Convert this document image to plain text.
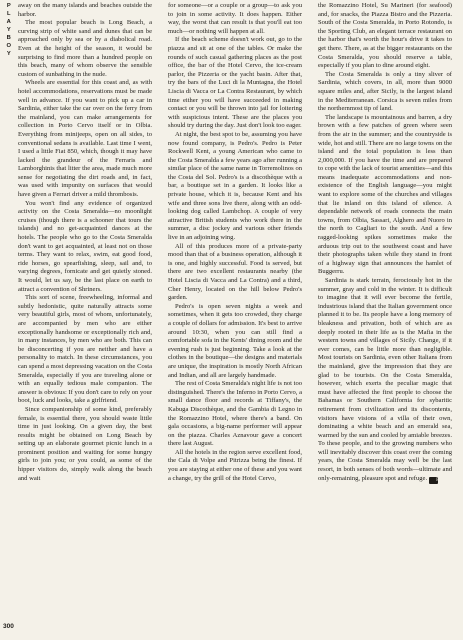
P
L
A
Y
B
O
Y

away on the many islands and beaches outside the harbor.

The most popular beach is Long Beach, a curving strip of white sand and dunes that can be approached only by sea or by a diabolical road. Even at the height of the season, it would be surprising to find more than a hundred people on this beach, many of whom observe the sensible custom of sunbathing in the nude.

Wheels are essential for this coast and, as with hotel accommodations, reservations must be made well in advance. If you want to pick up a car in Sardinia, either take the car over on the ferry from the mainland, you can make arrangements for collection in Porto Cervo itself or in Olbia. Everything from minijeeps, open on all sides, to conventional sedans is available. Last time I went, I used a little Fiat 850, which, though it may have lacked the grandeur of the Ferraris and Lamborghinis that litter the area, made much more sense for negotiating the dirt roads and, in fact, was used with impunity on surfaces that would have given a Ferrari driver a mild thrombosis.

You won't find any evidence of organized activity on the Costa Smeralda—no moonlight cruises (though there is a schooner that tours the islands) and no get-acquainted dances at the hotels. The people who go to the Costa Smeralda don't want to get acquainted, at least not on those terms. They want to relax, swim, eat good food, ride horses, go spearfishing, sleep, sail and, to varying degrees, fornicate and get quietly stoned. It would, let us say, be the last place on earth to attract a convention of Shriners.

This sort of scene, freewheeling, informal and subtly hedonistic, quite naturally attracts some very beautiful girls, most of whom, unfortunately, are accompanied by men who are either exceptionally handsome or exceptionally rich and, in many instances, by men who are both. This can be disconcerting if you are neither and have a personality to match. In these circumstances, you can spend a most depressing vacation on the Costa Smeralda, especially if you are traveling alone or with an equally tedious male companion. The answer is obvious: If you don't care to rely on your boot, luck and looks, take a girlfriend.

Since companionship of some kind, preferably female, is essential there, you should waste little time in just looking. On a given day, the best results might be obtained on Long Beach by setting up an elaborate gourmet picnic lunch in a prominent position and waiting for some hungry girls to join you; or you could, as some of the hipper visitors do, simply walk along the beach and wait

for someone—or a couple or a group—to ask you to join in some activity. It does happen. Either way, the worst that can result is that you'll eat too much—or nothing will happen at all.

If the beach scheme doesn't work out, go to the piazza and sit at one of the tables. Or make the rounds of such casual gathering places as the post office, the bar of the Hotel Cervo, the ice-cream parlor, the Pizzeria or the yacht basin. After that, try the bars of the Luci di la Muntagna, the Hotel Liscia di Vacca or La Contra Restaurant, by which time either you will have succeeded in making contact or you will be thrown into jail for loitering with suspicious intent. These are the places you should try during the day. Just don't look too eager.

At night, the best spot to be, assuming you have now found company, is Pedro's. Pedro is Peter Rockwell Kent, a young American who came to the Costa Smeralda a few years ago after running a similar place of the same name in Torremolinos on the Costa del Sol. Pedro's is a discothèque with a bar, a boutique set in a garden. It looks like a private house, which it is, because Kent and his wife and three sons live there, along with an odd-looking dog called Lambchop. A couple of very attractive British students who work there in the summer, a disc jockey and various other friends live in an adjoining wing.

All of this produces more of a private-party mood than that of a business operation, although it is one, and highly successful. Food is served, but there are two excellent restaurants nearby (the Hotel Liscia di Vacca and La Contra) and a third, Cher Henry, located on the hill below Pedro's garden.

Pedro's is open seven nights a week and sometimes, when it gets too crowded, they charge a couple of dollars for admission. It's best to arrive around 10:30, when you can still find a comfortable sofa in the Kents' dining room and the evening rush is just beginning. Take a look at the clothes in the boutique—the designs and materials are unique, the inspiration is mostly North African and Indian, and all are largely handmade.

The rest of Costa Smeralda's night life is not too distinguished. There's the Inferno in Porto Cervo, a small dance floor and records at Tiffany's, the Kabuga Discothèque, and the Gambia di Legno in the Romazzino Hotel, where there's a band. On gala occasions, a big-name performer will appear on the piazza. Charles Aznavour gave a concert there last August.

All the hotels in the region serve excellent food, the Cala di Volpe and Pitrizza being the finest. If you are staying at either one of these and you want a change, try the grill of the Hotel Cervo,

the Romazzino Hotel, Su Marineri (for seafood) and, for snacks, the Piazza Bistro and the Pizzeria. South of the Costa Smeralda, in Porto Rotondo, is the Sporting Club, an elegant terrace restaurant on the harbor that's worth the hour's drive it takes to get there. There, as at the bigger restaurants on the Costa Smeralda, you should reserve a table, especially if you plan to dine around eight.

The Costa Smeralda is only a tiny sliver of Sardinia, which covers, in all, more than 9000 square miles and, after Sicily, is the largest island in the Mediterranean. Corsica is seven miles from the northernmost tip of land.

The landscape is mountainous and barren, a dry brown with a few patches of green where seen from the air in the summer; and the countryside is wide, hot and still. There are no large towns on the island and the total population is less than 2,000,000. If you have the time and are prepared to cope with the lack of tourist amenities—and this means inadequate accommodations and non-existence of the English language—you might want to explore some of the churches and villages that lie inland on this island of silence. A dependable network of roads connects the main towns, from Olbia, Sassari, Alghero and Nuoro in the north to Cagliari to the south. And a few ragged-looking spikes sometimes make the arduous trip out to the southwest coast and have their photographs taken while they stand in front of a highway sign that announces the hamlet of Buggerru.

Sardinia is stark terrain, ferociously hot in the summer, gray and cold in the winter. It is difficult to imagine that it will ever become the fertile, industrious island that the Italian government once planned it to be. Its people have a long memory of bleakness and privation, both of which are as deeply rooted in their life as is the Mafia in the western towns and villages of Sicily. Change, if it ever comes, can be little more than negligible. Most tourists on Sardinia, even other Italians from the mainland, give the impression that they are glad to be tourists. On the Costa Smeralda, however, which exerts the peculiar magic that must have affected the first people to choose the Bahamas or Southern California for sybaritic retirement from civilization and its discontents, visitors have visions of a villa of their own, dominating a white beach and an emerald sea, warmed by the sun and cooled by amiable breezes. To these people, and to the growing numbers who will inevitably discover this coast over the coming years, the Costa Smeralda may well be the last resort, in both senses of both words—ultimate and only-remaining, pleasure spot and refuge. PB

300
